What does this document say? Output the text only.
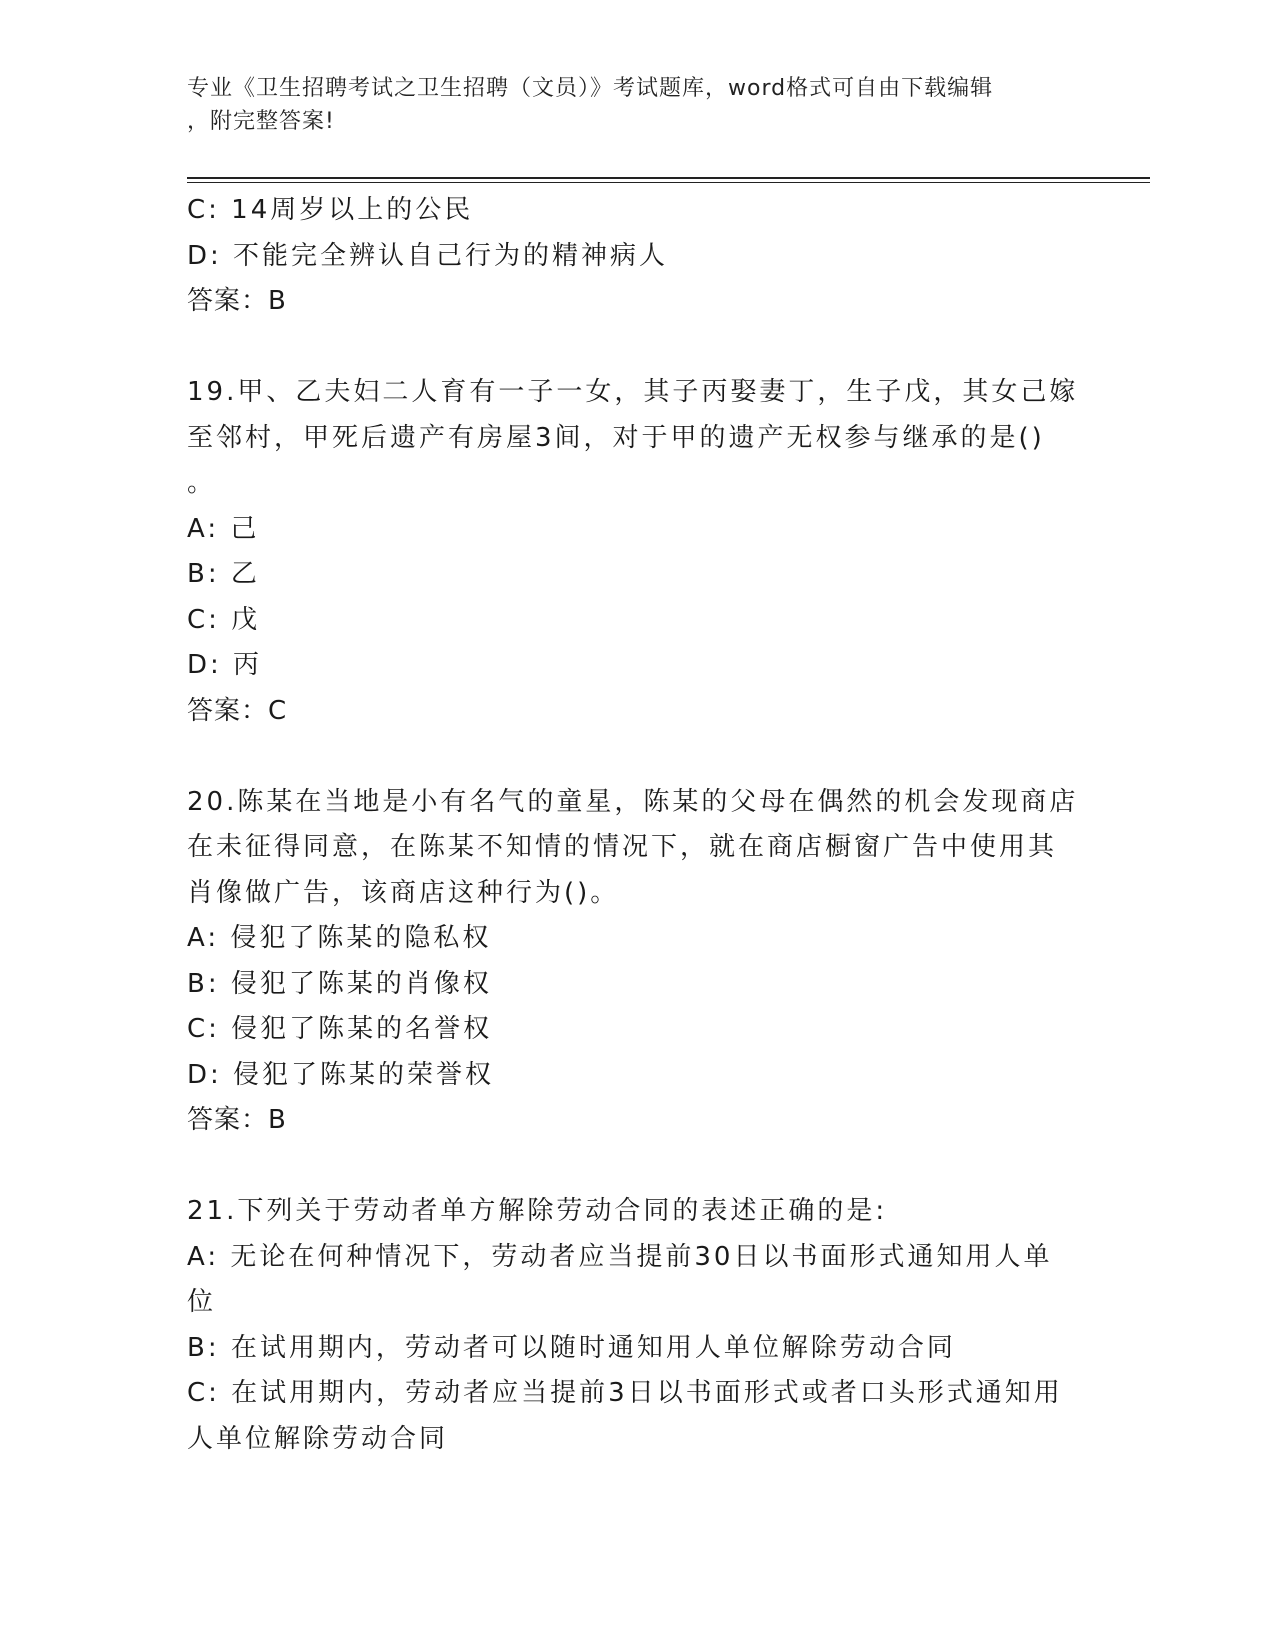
专业《卫生招聘考试之卫生招聘（文员）》考试题库，word格式可自由下载编辑
，附完整答案!
C: 14周岁以上的公民
D: 不能完全辨认自己行为的精神病人
答案：B
19.甲、乙夫妇二人育有一子一女，其子丙娶妻丁，生子戊，其女己嫁
至邻村，甲死后遗产有房屋3间，对于甲的遗产无权参与继承的是()
。
A: 己
B: 乙
C: 戊
D: 丙
答案：C
20.陈某在当地是小有名气的童星，陈某的父母在偶然的机会发现商店
在未征得同意，在陈某不知情的情况下，就在商店橱窗广告中使用其
肖像做广告，该商店这种行为()。
A: 侵犯了陈某的隐私权
B: 侵犯了陈某的肖像权
C: 侵犯了陈某的名誉权
D: 侵犯了陈某的荣誉权
答案：B
21.下列关于劳动者单方解除劳动合同的表述正确的是:
A: 无论在何种情况下，劳动者应当提前30日以书面形式通知用人单
位
B: 在试用期内，劳动者可以随时通知用人单位解除劳动合同
C: 在试用期内，劳动者应当提前3日以书面形式或者口头形式通知用
人单位解除劳动合同
